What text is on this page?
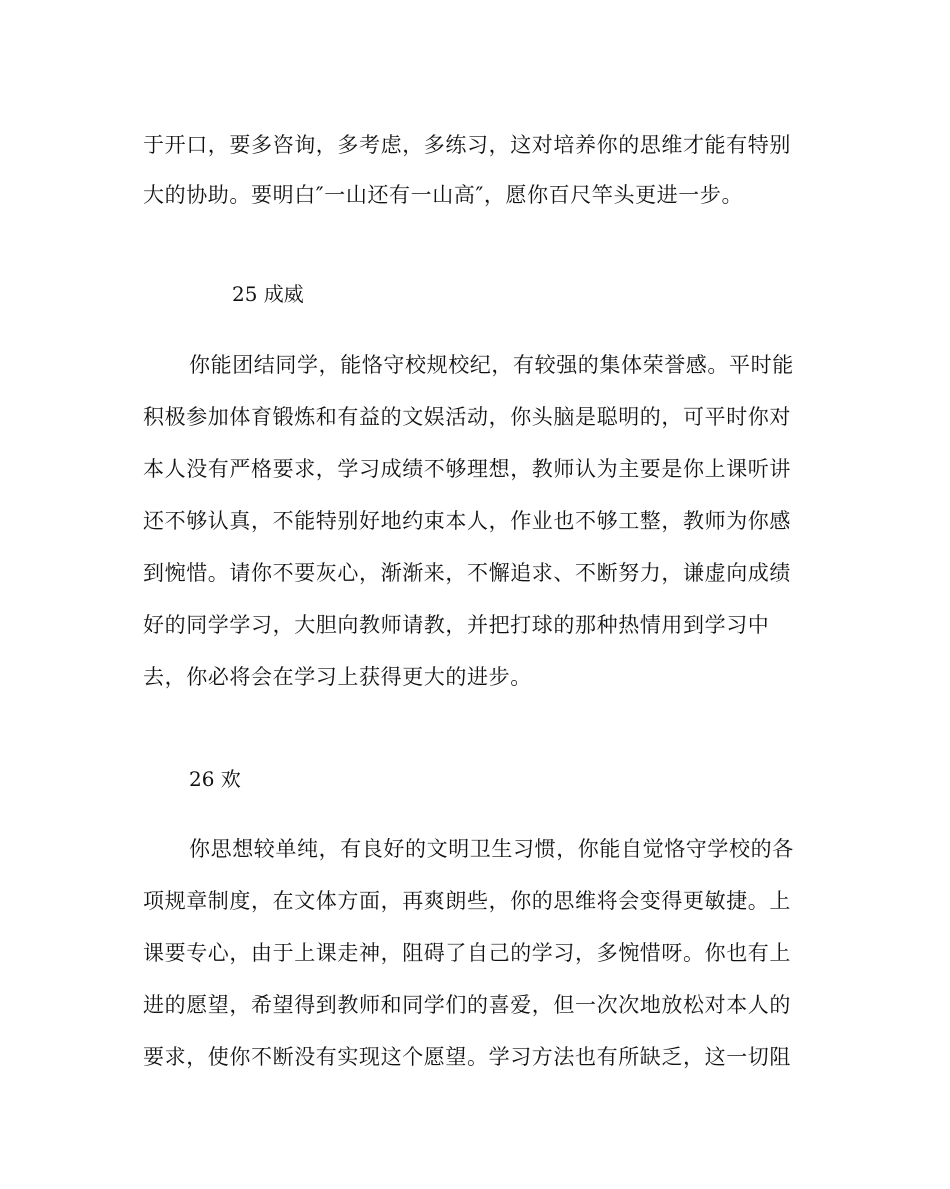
于开口，要多咨询，多考虑，多练习，这对培养你的思维才能有特别
大的协助。要明白″一山还有一山高″，愿你百尺竿头更进一步。
25 成威
你能团结同学，能恪守校规校纪，有较强的集体荣誉感。平时能
积极参加体育锻炼和有益的文娱活动，你头脑是聪明的，可平时你对
本人没有严格要求，学习成绩不够理想，教师认为主要是你上课听讲
还不够认真，不能特别好地约束本人，作业也不够工整，教师为你感
到惋惜。请你不要灰心，渐渐来，不懈追求、不断努力，谦虚向成绩
好的同学学习，大胆向教师请教，并把打球的那种热情用到学习中
去，你必将会在学习上获得更大的进步。
26 欢
你思想较单纯，有良好的文明卫生习惯，你能自觉恪守学校的各
项规章制度，在文体方面，再爽朗些，你的思维将会变得更敏捷。上
课要专心，由于上课走神，阻碍了自己的学习，多惋惜呀。你也有上
进的愿望，希望得到教师和同学们的喜爱，但一次次地放松对本人的
要求，使你不断没有实现这个愿望。学习方法也有所缺乏，这一切阻
